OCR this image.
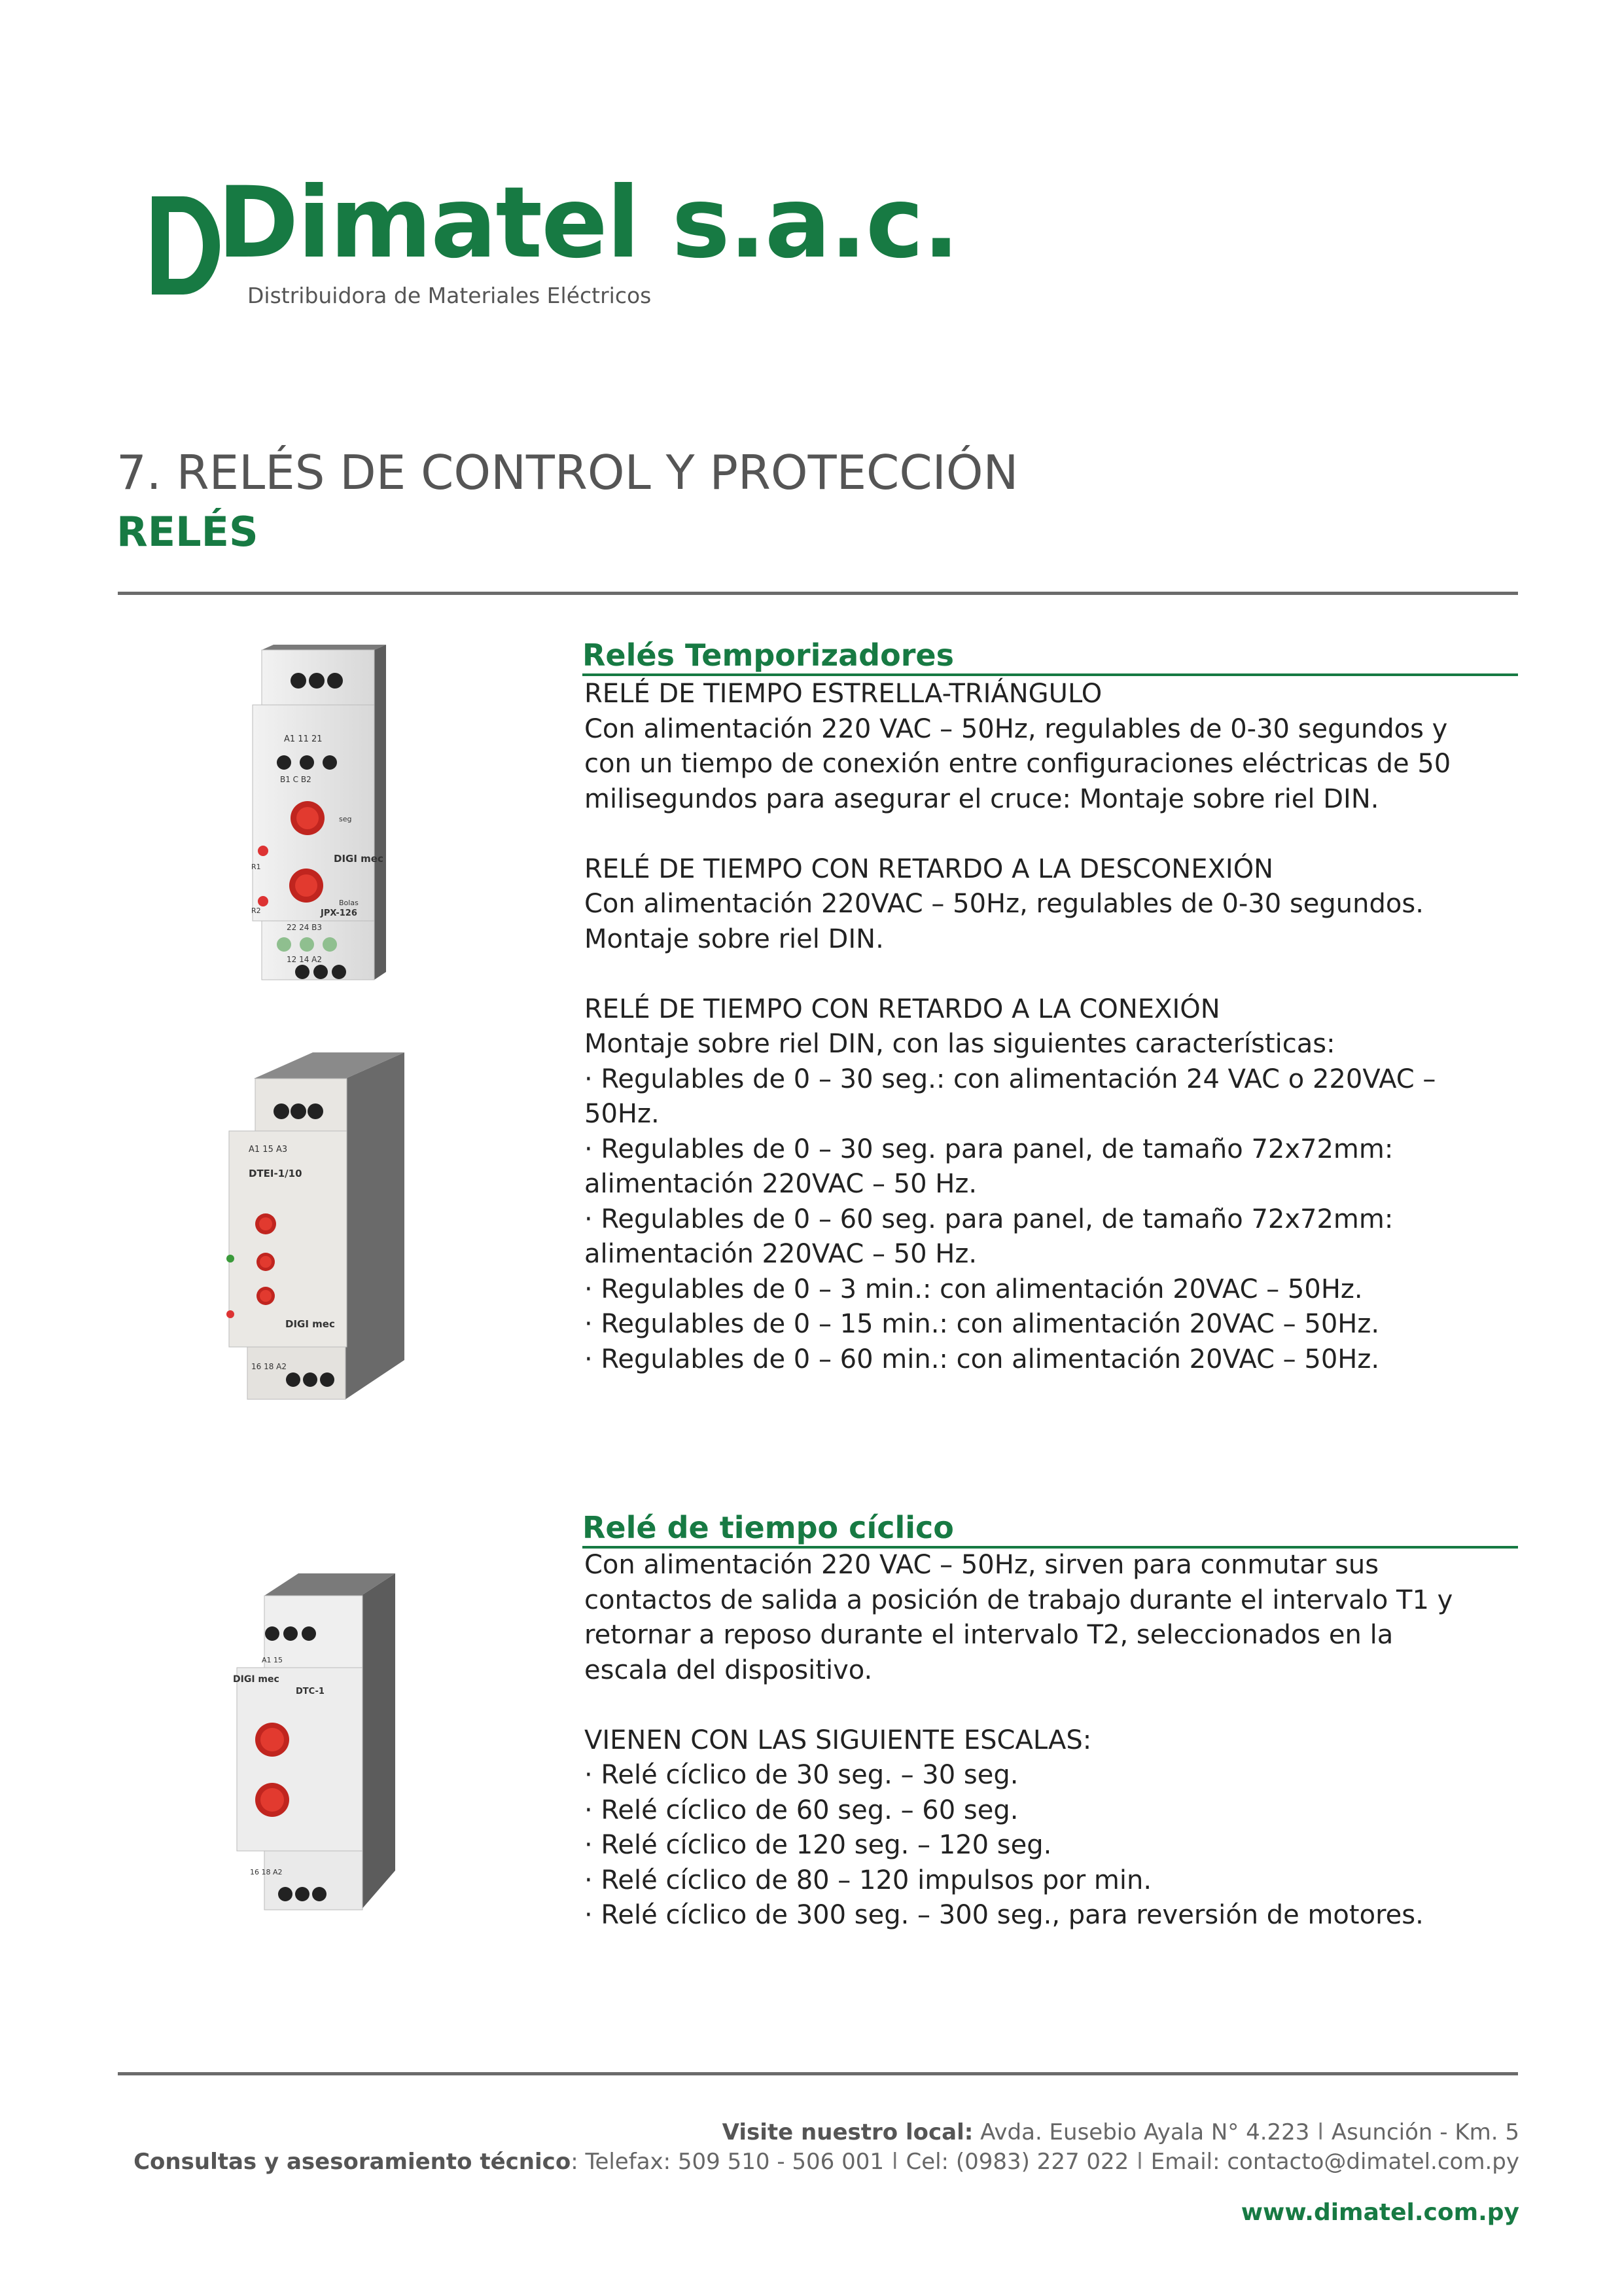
Dimatel s.a.c.
Distribuidora de Materiales Eléctricos
7. RELÉS DE CONTROL Y PROTECCIÓN
RELÉS
A1 11 21
B1 C B2
seg
R1
DIGI mec
R2
Bolas
JPX-126
22 24 B3
12 14 A2
A1 15 A3
DTEI-1/10
DIGI mec
16 18 A2
A1 15
DIGI mec
DTC-1
16 18 A2
Relés Temporizadores

RELÉ DE TIEMPO ESTRELLA-TRIÁNGULO

Con alimentación 220 VAC – 50Hz, regulables de 0-30 segundos y

con un tiempo de conexión entre configuraciones eléctricas de 50

milisegundos para asegurar el cruce: Montaje sobre riel DIN.

RELÉ DE TIEMPO CON RETARDO A LA DESCONEXIÓN

Con alimentación 220VAC – 50Hz, regulables de 0-30 segundos.

Montaje sobre riel DIN.

RELÉ DE TIEMPO CON RETARDO A LA CONEXIÓN

Montaje sobre riel DIN, con las siguientes características:

· Regulables de 0 – 30 seg.: con alimentación 24 VAC o 220VAC –

50Hz.

· Regulables de 0 – 30 seg. para panel, de tamaño 72x72mm:

alimentación 220VAC – 50 Hz.

· Regulables de 0 – 60 seg. para panel, de tamaño 72x72mm:

alimentación 220VAC – 50 Hz.

· Regulables de 0 – 3 min.: con alimentación 20VAC – 50Hz.

· Regulables de 0 – 15 min.: con alimentación 20VAC – 50Hz.

· Regulables de 0 – 60 min.: con alimentación 20VAC – 50Hz.

Relé de tiempo cíclico

Con alimentación 220 VAC – 50Hz, sirven para conmutar sus

contactos de salida a posición de trabajo durante el intervalo T1 y

retornar a reposo durante el intervalo T2, seleccionados en la

escala del dispositivo.

VIENEN CON LAS SIGUIENTE ESCALAS:

· Relé cíclico de 30 seg. – 30 seg.

· Relé cíclico de 60 seg. – 60 seg.

· Relé cíclico de 120 seg. – 120 seg.

· Relé cíclico de 80 – 120 impulsos por min.

· Relé cíclico de 300 seg. – 300 seg., para reversión de motores.

Visite nuestro local: Avda. Eusebio Ayala N° 4.223 l Asunción - Km. 5
Consultas y asesoramiento técnico: Telefax: 509 510 - 506 001 l Cel: (0983) 227 022 l Email: contacto@dimatel.com.py
www.dimatel.com.py
